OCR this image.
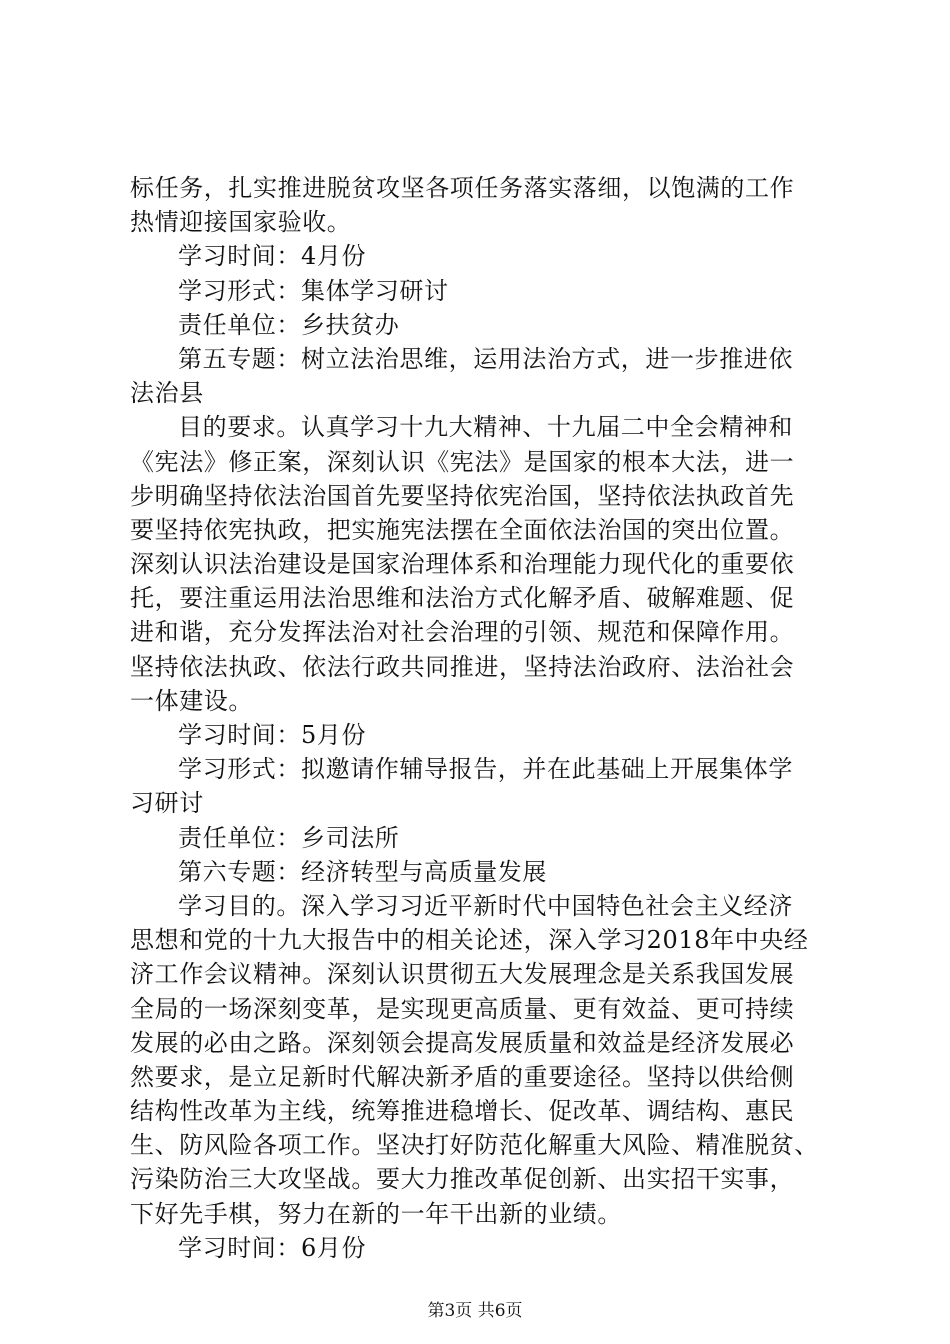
标任务，扎实推进脱贫攻坚各项任务落实落细，以饱满的工作
热情迎接国家验收。
学习时间：4月份
学习形式：集体学习研讨
责任单位：乡扶贫办
第五专题：树立法治思维，运用法治方式，进一步推进依
法治县
目的要求。认真学习十九大精神、十九届二中全会精神和
《宪法》修正案，深刻认识《宪法》是国家的根本大法，进一
步明确坚持依法治国首先要坚持依宪治国，坚持依法执政首先
要坚持依宪执政，把实施宪法摆在全面依法治国的突出位置。
深刻认识法治建设是国家治理体系和治理能力现代化的重要依
托，要注重运用法治思维和法治方式化解矛盾、破解难题、促
进和谐，充分发挥法治对社会治理的引领、规范和保障作用。
坚持依法执政、依法行政共同推进，坚持法治政府、法治社会
一体建设。
学习时间：5月份
学习形式：拟邀请作辅导报告，并在此基础上开展集体学
习研讨
责任单位：乡司法所
第六专题：经济转型与高质量发展
学习目的。深入学习习近平新时代中国特色社会主义经济
思想和党的十九大报告中的相关论述，深入学习2018年中央经
济工作会议精神。深刻认识贯彻五大发展理念是关系我国发展
全局的一场深刻变革，是实现更高质量、更有效益、更可持续
发展的必由之路。深刻领会提高发展质量和效益是经济发展必
然要求，是立足新时代解决新矛盾的重要途径。坚持以供给侧
结构性改革为主线，统筹推进稳增长、促改革、调结构、惠民
生、防风险各项工作。坚决打好防范化解重大风险、精准脱贫、
污染防治三大攻坚战。要大力推改革促创新、出实招干实事，
下好先手棋，努力在新的一年干出新的业绩。
学习时间：6月份
第3页 共6页
